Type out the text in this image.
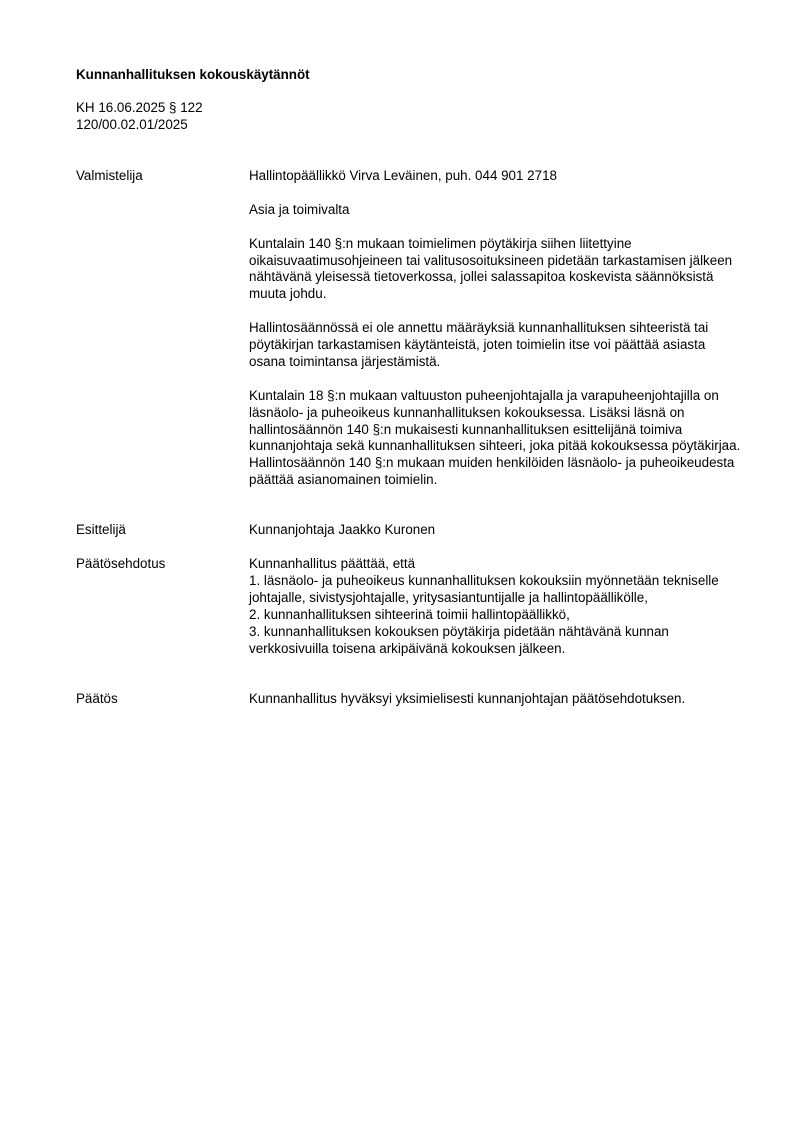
Kunnanhallituksen kokouskäytännöt
KH 16.06.2025 § 122
120/00.02.01/2025
Valmistelija	Hallintopäällikkö Virva Leväinen, puh. 044 901 2718

Asia ja toimivalta

Kuntalain 140 §:n mukaan toimielimen pöytäkirja siihen liitettyine oikaisuvaatimusohjeineen tai valitusosoituksineen pidetään tarkastamisen jälkeen nähtävänä yleisessä tietoverkossa, jollei salassapitoa koskevista säännöksistä muuta johdu.

Hallintosäännössä ei ole annettu määräyksiä kunnanhallituksen sihteeristä tai pöytäkirjan tarkastamisen käytänteistä, joten toimielin itse voi päättää asiasta osana toimintansa järjestämistä.

Kuntalain 18 §:n mukaan valtuuston puheenjohtajalla ja varapuheenjohtajilla on läsnäolo- ja puheoikeus kunnanhallituksen kokouksessa. Lisäksi läsnä on hallintosäännön 140 §:n mukaisesti kunnanhallituksen esittelijänä toimiva kunnanjohtaja sekä kunnanhallituksen sihteeri, joka pitää kokouksessa pöytäkirjaa. Hallintosäännön 140 §:n mukaan muiden henkilöiden läsnäolo- ja puheoikeudesta päättää asianomainen toimielin.

Esittelijä	Kunnanjohtaja Jaakko Kuronen

Päätösehdotus	Kunnanhallitus päättää, että
1. läsnäolo- ja puheoikeus kunnanhallituksen kokouksiin myönnetään tekniselle johtajalle, sivistysjohtajalle, yritysasiantuntijalle ja hallintopäällikölle,
2. kunnanhallituksen sihteerinä toimii hallintopäällikkö,
3. kunnanhallituksen kokouksen pöytäkirja pidetään nähtävänä kunnan verkkosivuilla toisena arkipäivänä kokouksen jälkeen.
Päätös	Kunnanhallitus hyväksyi yksimielisesti kunnanjohtajan päätösehdotuksen.
